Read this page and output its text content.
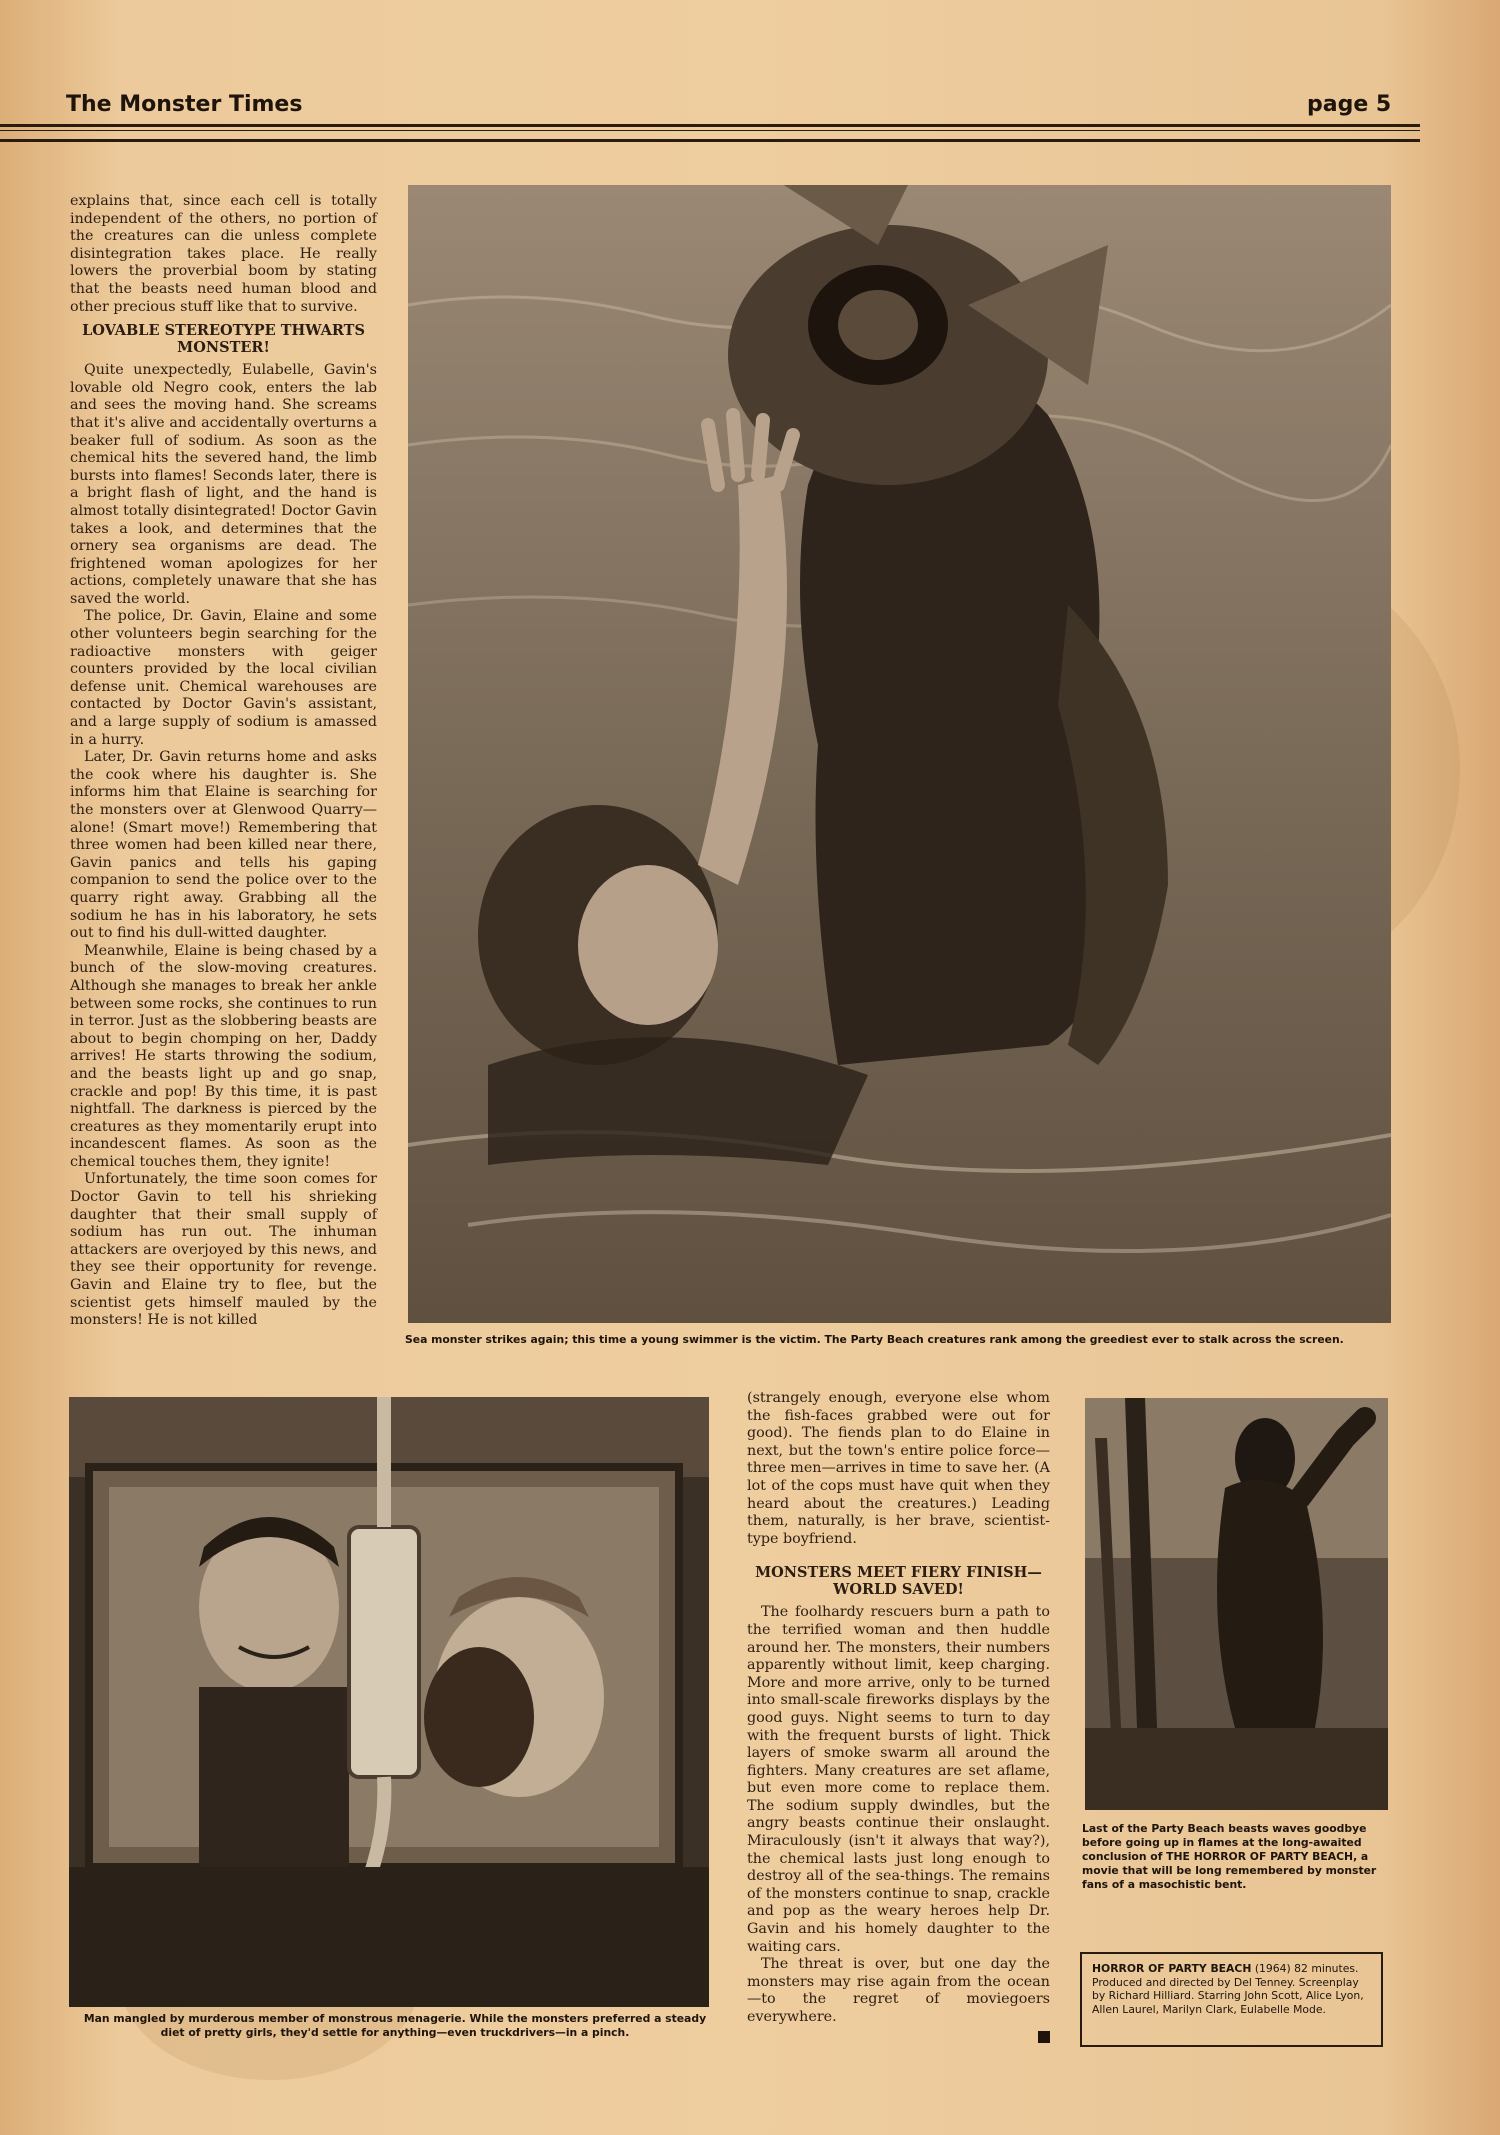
The Monster Times	page 5

explains that, since each cell is totally independent of the others, no portion of the creatures can die unless complete disintegration takes place. He really lowers the proverbial boom by stating that the beasts need human blood and other precious stuff like that to survive.

LOVABLE STEREOTYPE THWARTS MONSTER!

Quite unexpectedly, Eulabelle, Gavin's lovable old Negro cook, enters the lab and sees the moving hand. She screams that it's alive and accidentally overturns a beaker full of sodium. As soon as the chemical hits the severed hand, the limb bursts into flames! Seconds later, there is a bright flash of light, and the hand is almost totally disintegrated! Doctor Gavin takes a look, and determines that the ornery sea organisms are dead. The frightened woman apologizes for her actions, completely unaware that she has saved the world.

The police, Dr. Gavin, Elaine and some other volunteers begin searching for the radioactive monsters with geiger counters provided by the local civilian defense unit. Chemical warehouses are contacted by Doctor Gavin's assistant, and a large supply of sodium is amassed in a hurry.

Later, Dr. Gavin returns home and asks the cook where his daughter is. She informs him that Elaine is searching for the monsters over at Glenwood Quarry—alone! (Smart move!) Remembering that three women had been killed near there, Gavin panics and tells his gaping companion to send the police over to the quarry right away. Grabbing all the sodium he has in his laboratory, he sets out to find his dull-witted daughter.

Meanwhile, Elaine is being chased by a bunch of the slow-moving creatures. Although she manages to break her ankle between some rocks, she continues to run in terror. Just as the slobbering beasts are about to begin chomping on her, Daddy arrives! He starts throwing the sodium, and the beasts light up and go snap, crackle and pop! By this time, it is past nightfall. The darkness is pierced by the creatures as they momentarily erupt into incandescent flames. As soon as the chemical touches them, they ignite!

Unfortunately, the time soon comes for Doctor Gavin to tell his shrieking daughter that their small supply of sodium has run out. The inhuman attackers are overjoyed by this news, and they see their opportunity for revenge. Gavin and Elaine try to flee, but the scientist gets himself mauled by the monsters! He is not killed

Sea monster strikes again; this time a young swimmer is the victim. The Party Beach creatures rank among the greediest ever to stalk across the screen.
Man mangled by murderous member of monstrous menagerie. While the monsters preferred a steady diet of pretty girls, they'd settle for anything—even truckdrivers—in a pinch.

(strangely enough, everyone else whom the fish-faces grabbed were out for good). The fiends plan to do Elaine in next, but the town's entire police force—three men—arrives in time to save her. (A lot of the cops must have quit when they heard about the creatures.) Leading them, naturally, is her brave, scientist-type boyfriend.

MONSTERS MEET FIERY FINISH—WORLD SAVED!

The foolhardy rescuers burn a path to the terrified woman and then huddle around her. The monsters, their numbers apparently without limit, keep charging. More and more arrive, only to be turned into small-scale fireworks displays by the good guys. Night seems to turn to day with the frequent bursts of light. Thick layers of smoke swarm all around the fighters. Many creatures are set aflame, but even more come to replace them. The sodium supply dwindles, but the angry beasts continue their onslaught. Miraculously (isn't it always that way?), the chemical lasts just long enough to destroy all of the sea-things. The remains of the monsters continue to snap, crackle and pop as the weary heroes help Dr. Gavin and his homely daughter to the waiting cars.

The threat is over, but one day the monsters may rise again from the ocean—to the regret of moviegoers everywhere.

Last of the Party Beach beasts waves goodbye before going up in flames at the long-awaited conclusion of THE HORROR OF PARTY BEACH, a movie that will be long remembered by monster fans of a masochistic bent.
HORROR OF PARTY BEACH (1964) 82 minutes. Produced and directed by Del Tenney. Screenplay by Richard Hilliard. Starring John Scott, Alice Lyon, Allen Laurel, Marilyn Clark, Eulabelle Mode.
